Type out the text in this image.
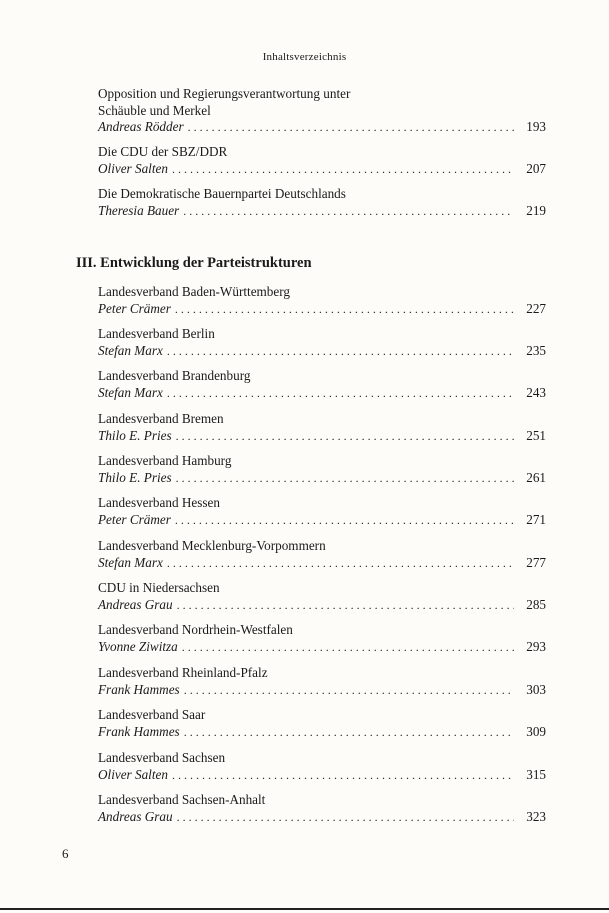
Inhaltsverzeichnis
Opposition und Regierungsverantwortung unter
Schäuble und Merkel
Andreas Rödder . . .	193
Die CDU der SBZ/DDR
Oliver Salten . . .	207
Die Demokratische Bauernpartei Deutschlands
Theresia Bauer . . .	219
III. Entwicklung der Parteistrukturen
Landesverband Baden-Württemberg
Peter Crämer . . .	227
Landesverband Berlin
Stefan Marx . . .	235
Landesverband Brandenburg
Stefan Marx . . .	243
Landesverband Bremen
Thilo E. Pries . . .	251
Landesverband Hamburg
Thilo E. Pries . . .	261
Landesverband Hessen
Peter Crämer . . .	271
Landesverband Mecklenburg-Vorpommern
Stefan Marx . . .	277
CDU in Niedersachsen
Andreas Grau . . .	285
Landesverband Nordrhein-Westfalen
Yvonne Ziwitza . . .	293
Landesverband Rheinland-Pfalz
Frank Hammes . . .	303
Landesverband Saar
Frank Hammes . . .	309
Landesverband Sachsen
Oliver Salten . . .	315
Landesverband Sachsen-Anhalt
Andreas Grau . . .	323
6
